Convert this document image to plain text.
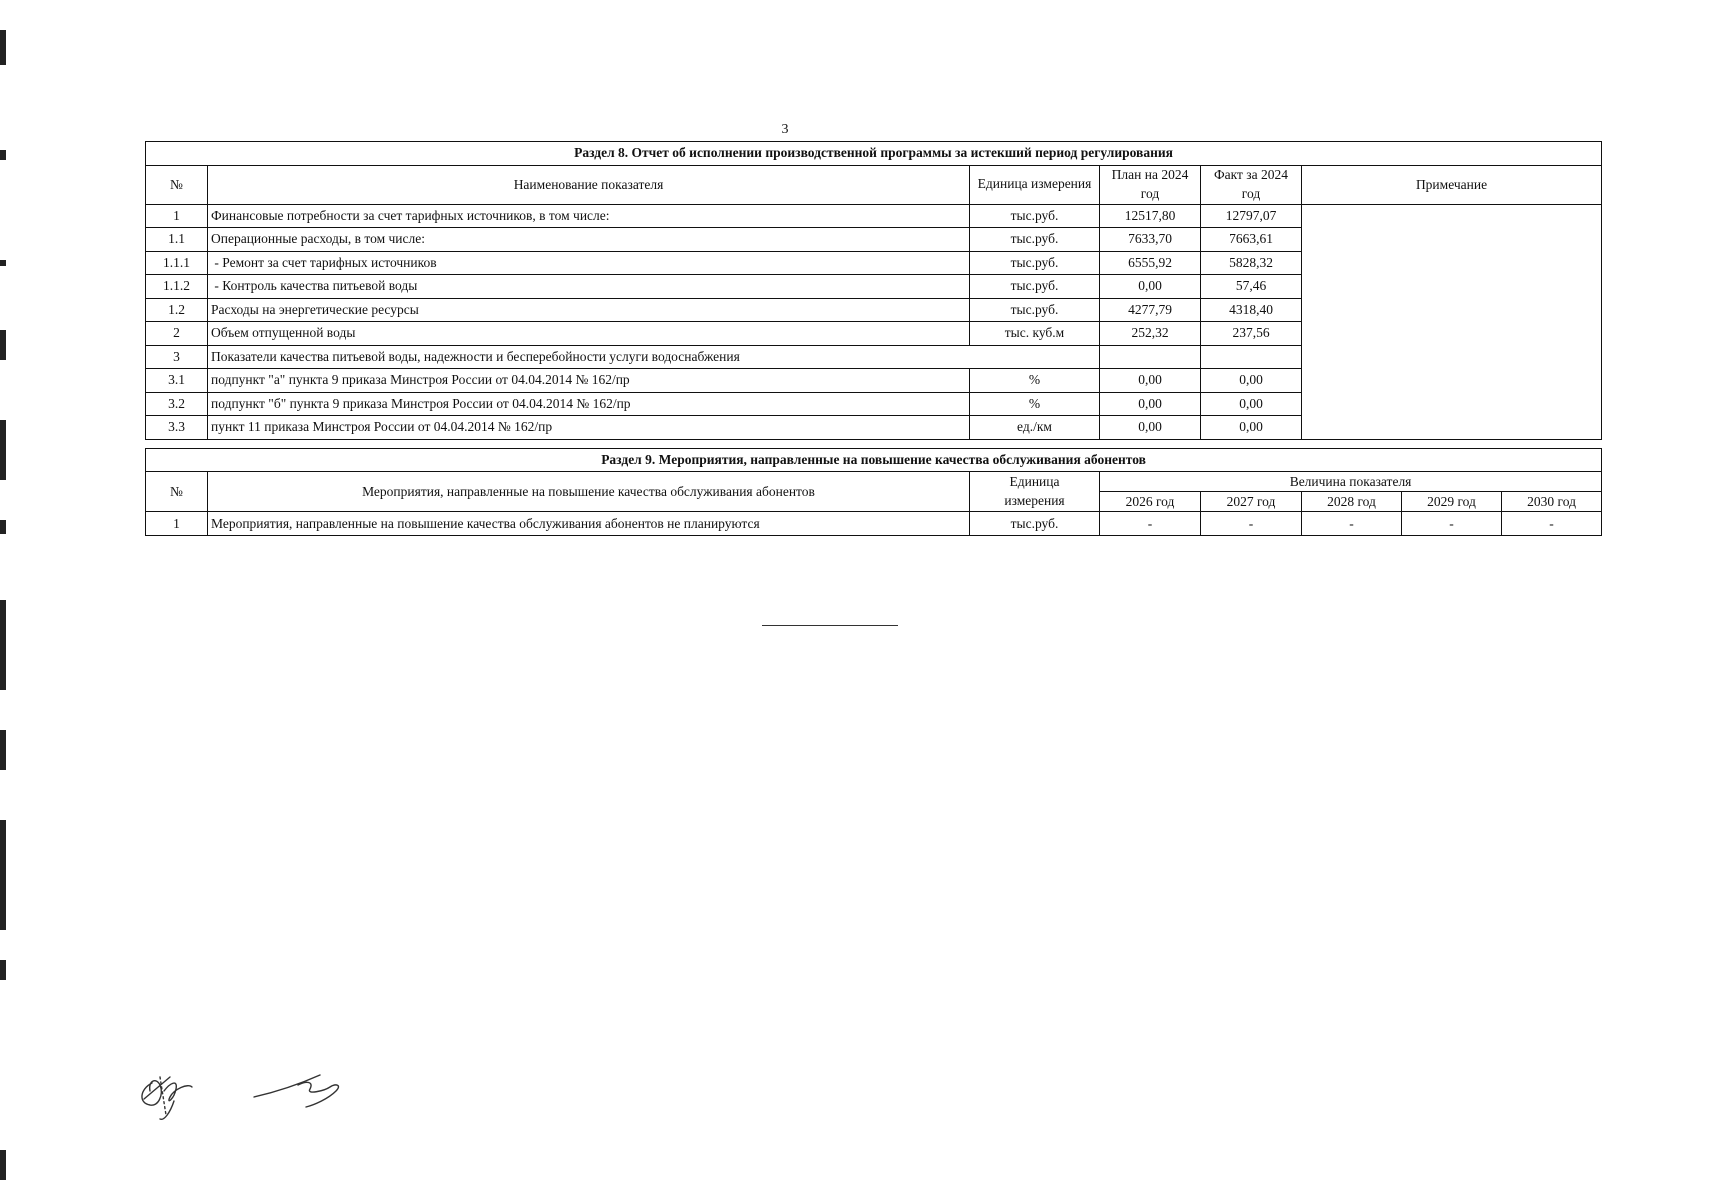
3
Раздел 8. Отчет об исполнении производственной программы за истекший период регулирования					
№	Наименование показателя	Единица измерения	План на 2024 год	Факт за 2024 год	Примечание
1	Финансовые потребности за счет тарифных источников, в том числе:	тыс.руб.	12517,80	12797,07	
1.1	Операционные расходы, в том числе:	тыс.руб.	7633,70	7663,61	
1.1.1	- Ремонт за счет тарифных источников	тыс.руб.	6555,92	5828,32	
1.1.2	- Контроль качества питьевой воды	тыс.руб.	0,00	57,46	
1.2	Расходы на энергетические ресурсы	тыс.руб.	4277,79	4318,40	
2	Объем отпущенной воды	тыс. куб.м	252,32	237,56	
3	Показатели качества питьевой воды, надежности и бесперебойности услуги водоснабжения				
3.1	подпункт "а" пункта 9 приказа Минстроя России от 04.04.2014 № 162/пр	%	0,00	0,00	
3.2	подпункт "б" пункта 9 приказа Минстроя России от 04.04.2014 № 162/пр	%	0,00	0,00	
3.3	пункт 11 приказа Минстроя России от 04.04.2014 № 162/пр	ед./км	0,00	0,00	
Раздел 9. Мероприятия, направленные на повышение качества обслуживания абонентов							
№	Мероприятия, направленные на повышение качества обслуживания абонентов	Единица	Величина показателя				
		измерения	2026 год	2027 год	2028 год	2029 год	2030 год
1	Мероприятия, направленные на повышение качества обслуживания абонентов не планируются	тыс.руб.	-	-	-	-	-
